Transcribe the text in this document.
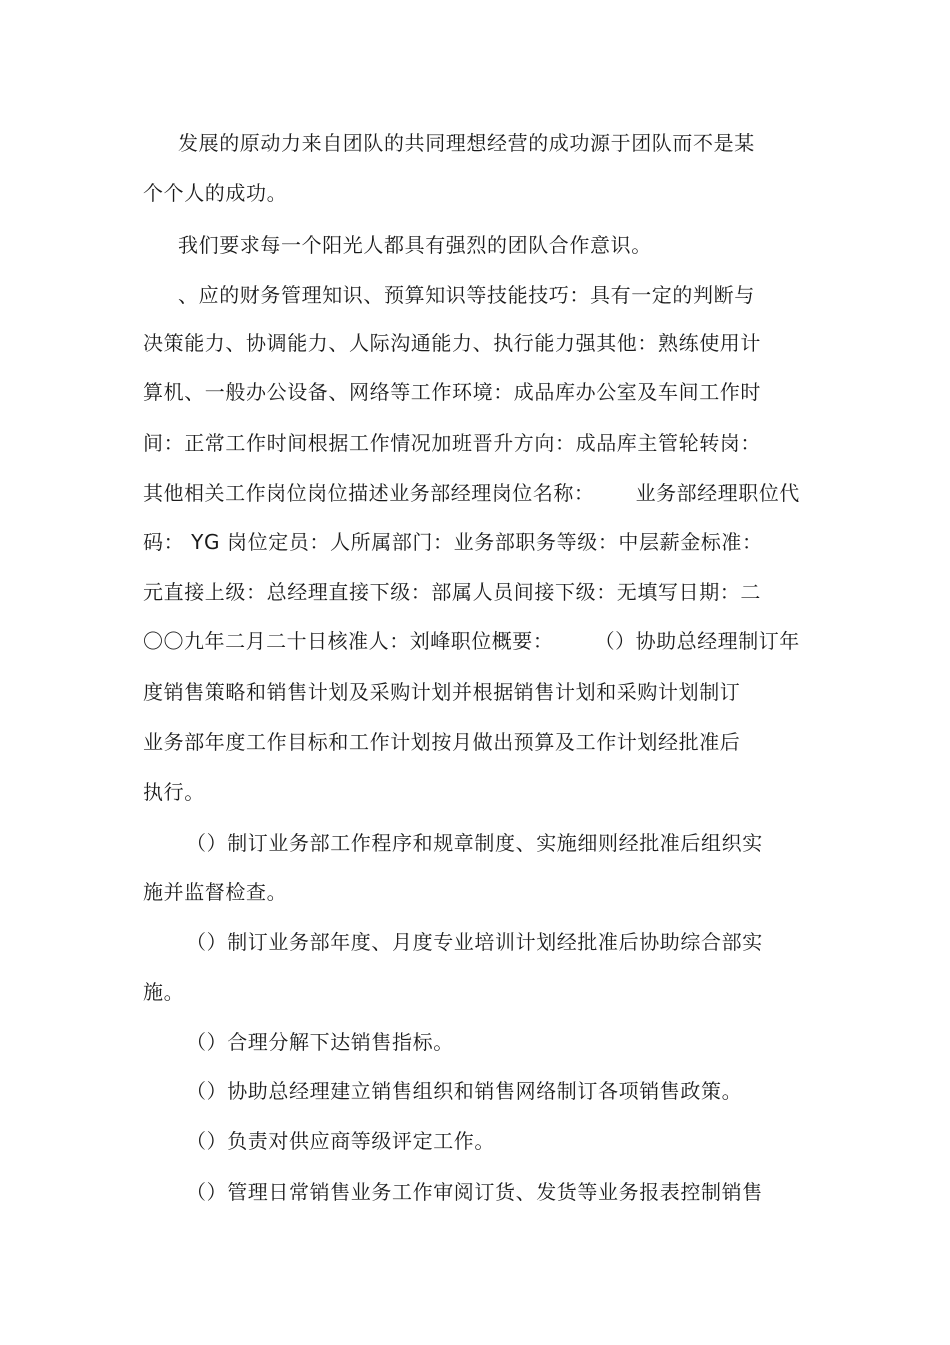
发展的原动力来自团队的共同理想经营的成功源于团队而不是某
个个人的成功。
我们要求每一个阳光人都具有强烈的团队合作意识。
、应的财务管理知识、预算知识等技能技巧：具有一定的判断与
决策能力、协调能力、人际沟通能力、执行能力强其他：熟练使用计
算机、一般办公设备、网络等工作环境：成品库办公室及车间工作时
间：正常工作时间根据工作情况加班晋升方向：成品库主管轮转岗：
其他相关工作岗位岗位描述业务部经理岗位名称：      业务部经理职位代
码： YG 岗位定员：人所属部门：业务部职务等级：中层薪金标准：
元直接上级：总经理直接下级：部属人员间接下级：无填写日期：二
〇〇九年二月二十日核准人：刘峰职位概要：      （）协助总经理制订年
度销售策略和销售计划及采购计划并根据销售计划和采购计划制订
业务部年度工作目标和工作计划按月做出预算及工作计划经批准后
执行。
（）制订业务部工作程序和规章制度、实施细则经批准后组织实
施并监督检查。
（）制订业务部年度、月度专业培训计划经批准后协助综合部实
施。
（）合理分解下达销售指标。
（）协助总经理建立销售组织和销售网络制订各项销售政策。
（）负责对供应商等级评定工作。
（）管理日常销售业务工作审阅订货、发货等业务报表控制销售
